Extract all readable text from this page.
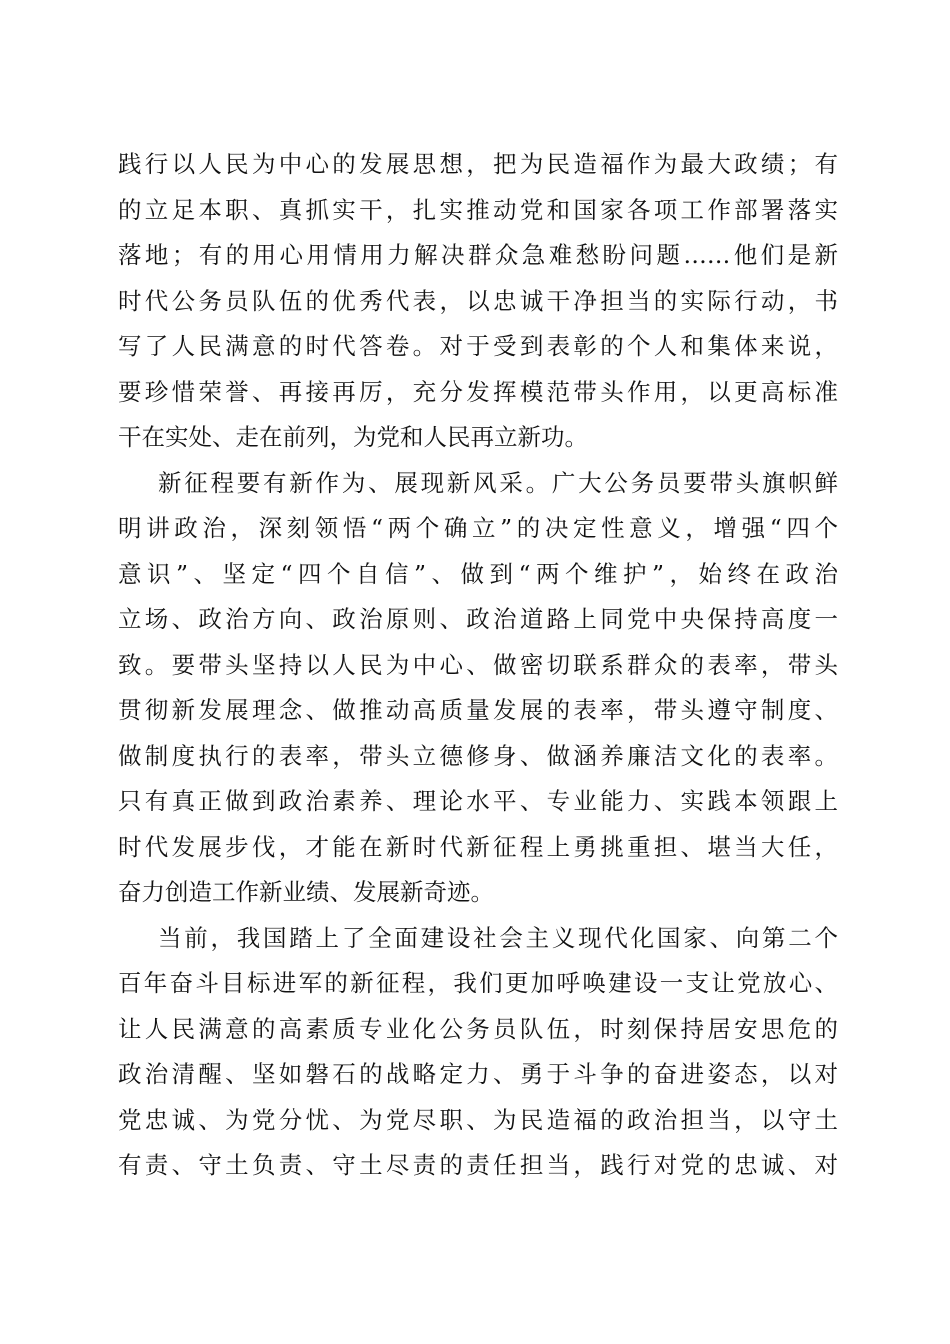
践行以人民为中心的发展思想，把为民造福作为最大政绩；有
的立足本职、真抓实干，扎实推动党和国家各项工作部署落实
落地；有的用心用情用力解决群众急难愁盼问题……他们是新
时代公务员队伍的优秀代表，以忠诚干净担当的实际行动，书
写了人民满意的时代答卷。对于受到表彰的个人和集体来说，
要珍惜荣誉、再接再厉，充分发挥模范带头作用，以更高标准
干在实处、走在前列，为党和人民再立新功。
新征程要有新作为、展现新风采。广大公务员要带头旗帜鲜
明讲政治，深刻领悟“两个确立”的决定性意义，增强“四个
意识”、坚定“四个自信”、做到“两个维护”，始终在政治
立场、政治方向、政治原则、政治道路上同党中央保持高度一
致。要带头坚持以人民为中心、做密切联系群众的表率，带头
贯彻新发展理念、做推动高质量发展的表率，带头遵守制度、
做制度执行的表率，带头立德修身、做涵养廉洁文化的表率。
只有真正做到政治素养、理论水平、专业能力、实践本领跟上
时代发展步伐，才能在新时代新征程上勇挑重担、堪当大任，
奋力创造工作新业绩、发展新奇迹。
当前，我国踏上了全面建设社会主义现代化国家、向第二个
百年奋斗目标进军的新征程，我们更加呼唤建设一支让党放心、
让人民满意的高素质专业化公务员队伍，时刻保持居安思危的
政治清醒、坚如磐石的战略定力、勇于斗争的奋进姿态，以对
党忠诚、为党分忧、为党尽职、为民造福的政治担当，以守土
有责、守土负责、守土尽责的责任担当，践行对党的忠诚、对
